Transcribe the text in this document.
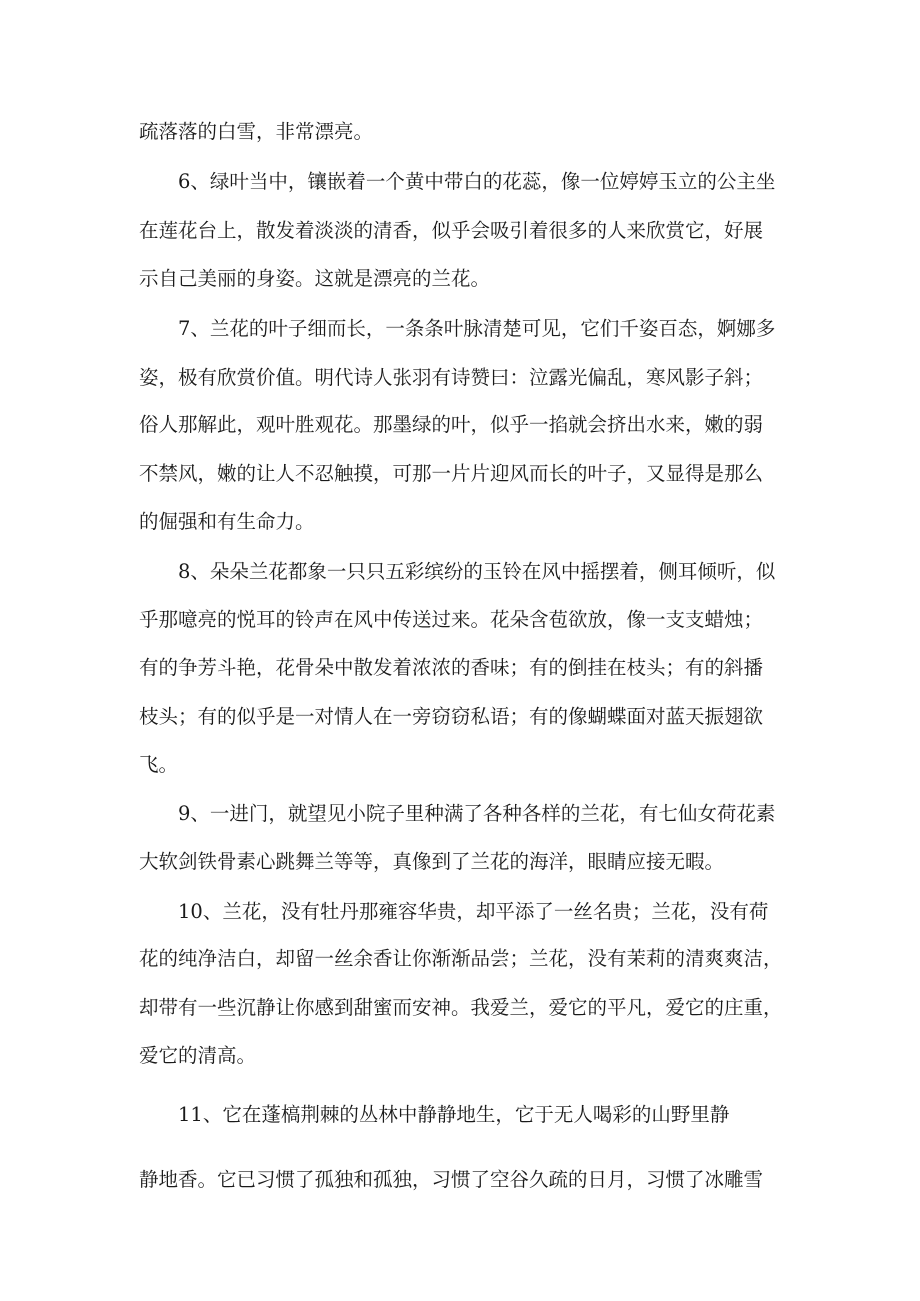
疏落落的白雪，非常漂亮。
6、绿叶当中，镶嵌着一个黄中带白的花蕊，像一位婷婷玉立的公主坐
在莲花台上，散发着淡淡的清香，似乎会吸引着很多的人来欣赏它，好展
示自己美丽的身姿。这就是漂亮的兰花。
7、兰花的叶子细而长，一条条叶脉清楚可见，它们千姿百态，婀娜多
姿，极有欣赏价值。明代诗人张羽有诗赞曰：泣露光偏乱，寒风影子斜；
俗人那解此，观叶胜观花。那墨绿的叶，似乎一掐就会挤出水来，嫩的弱
不禁风，嫩的让人不忍触摸，可那一片片迎风而长的叶子，又显得是那么
的倔强和有生命力。
8、朵朵兰花都象一只只五彩缤纷的玉铃在风中摇摆着，侧耳倾听，似
乎那噫亮的悦耳的铃声在风中传送过来。花朵含苞欲放，像一支支蜡烛；
有的争芳斗艳，花骨朵中散发着浓浓的香味；有的倒挂在枝头；有的斜播
枝头；有的似乎是一对情人在一旁窃窃私语；有的像蝴蝶面对蓝天振翅欲
飞。
9、一进门，就望见小院子里种满了各种各样的兰花，有七仙女荷花素
大软剑铁骨素心跳舞兰等等，真像到了兰花的海洋，眼睛应接无暇。
10、兰花，没有牡丹那雍容华贵，却平添了一丝名贵；兰花，没有荷
花的纯净洁白，却留一丝余香让你渐渐品尝；兰花，没有茉莉的清爽爽洁，
却带有一些沉静让你感到甜蜜而安神。我爱兰，爱它的平凡，爱它的庄重，
爱它的清高。
11、它在蓬槁荆棘的丛林中静静地生，它于无人喝彩的山野里静
静地香。它已习惯了孤独和孤独，习惯了空谷久疏的日月，习惯了冰雕雪
